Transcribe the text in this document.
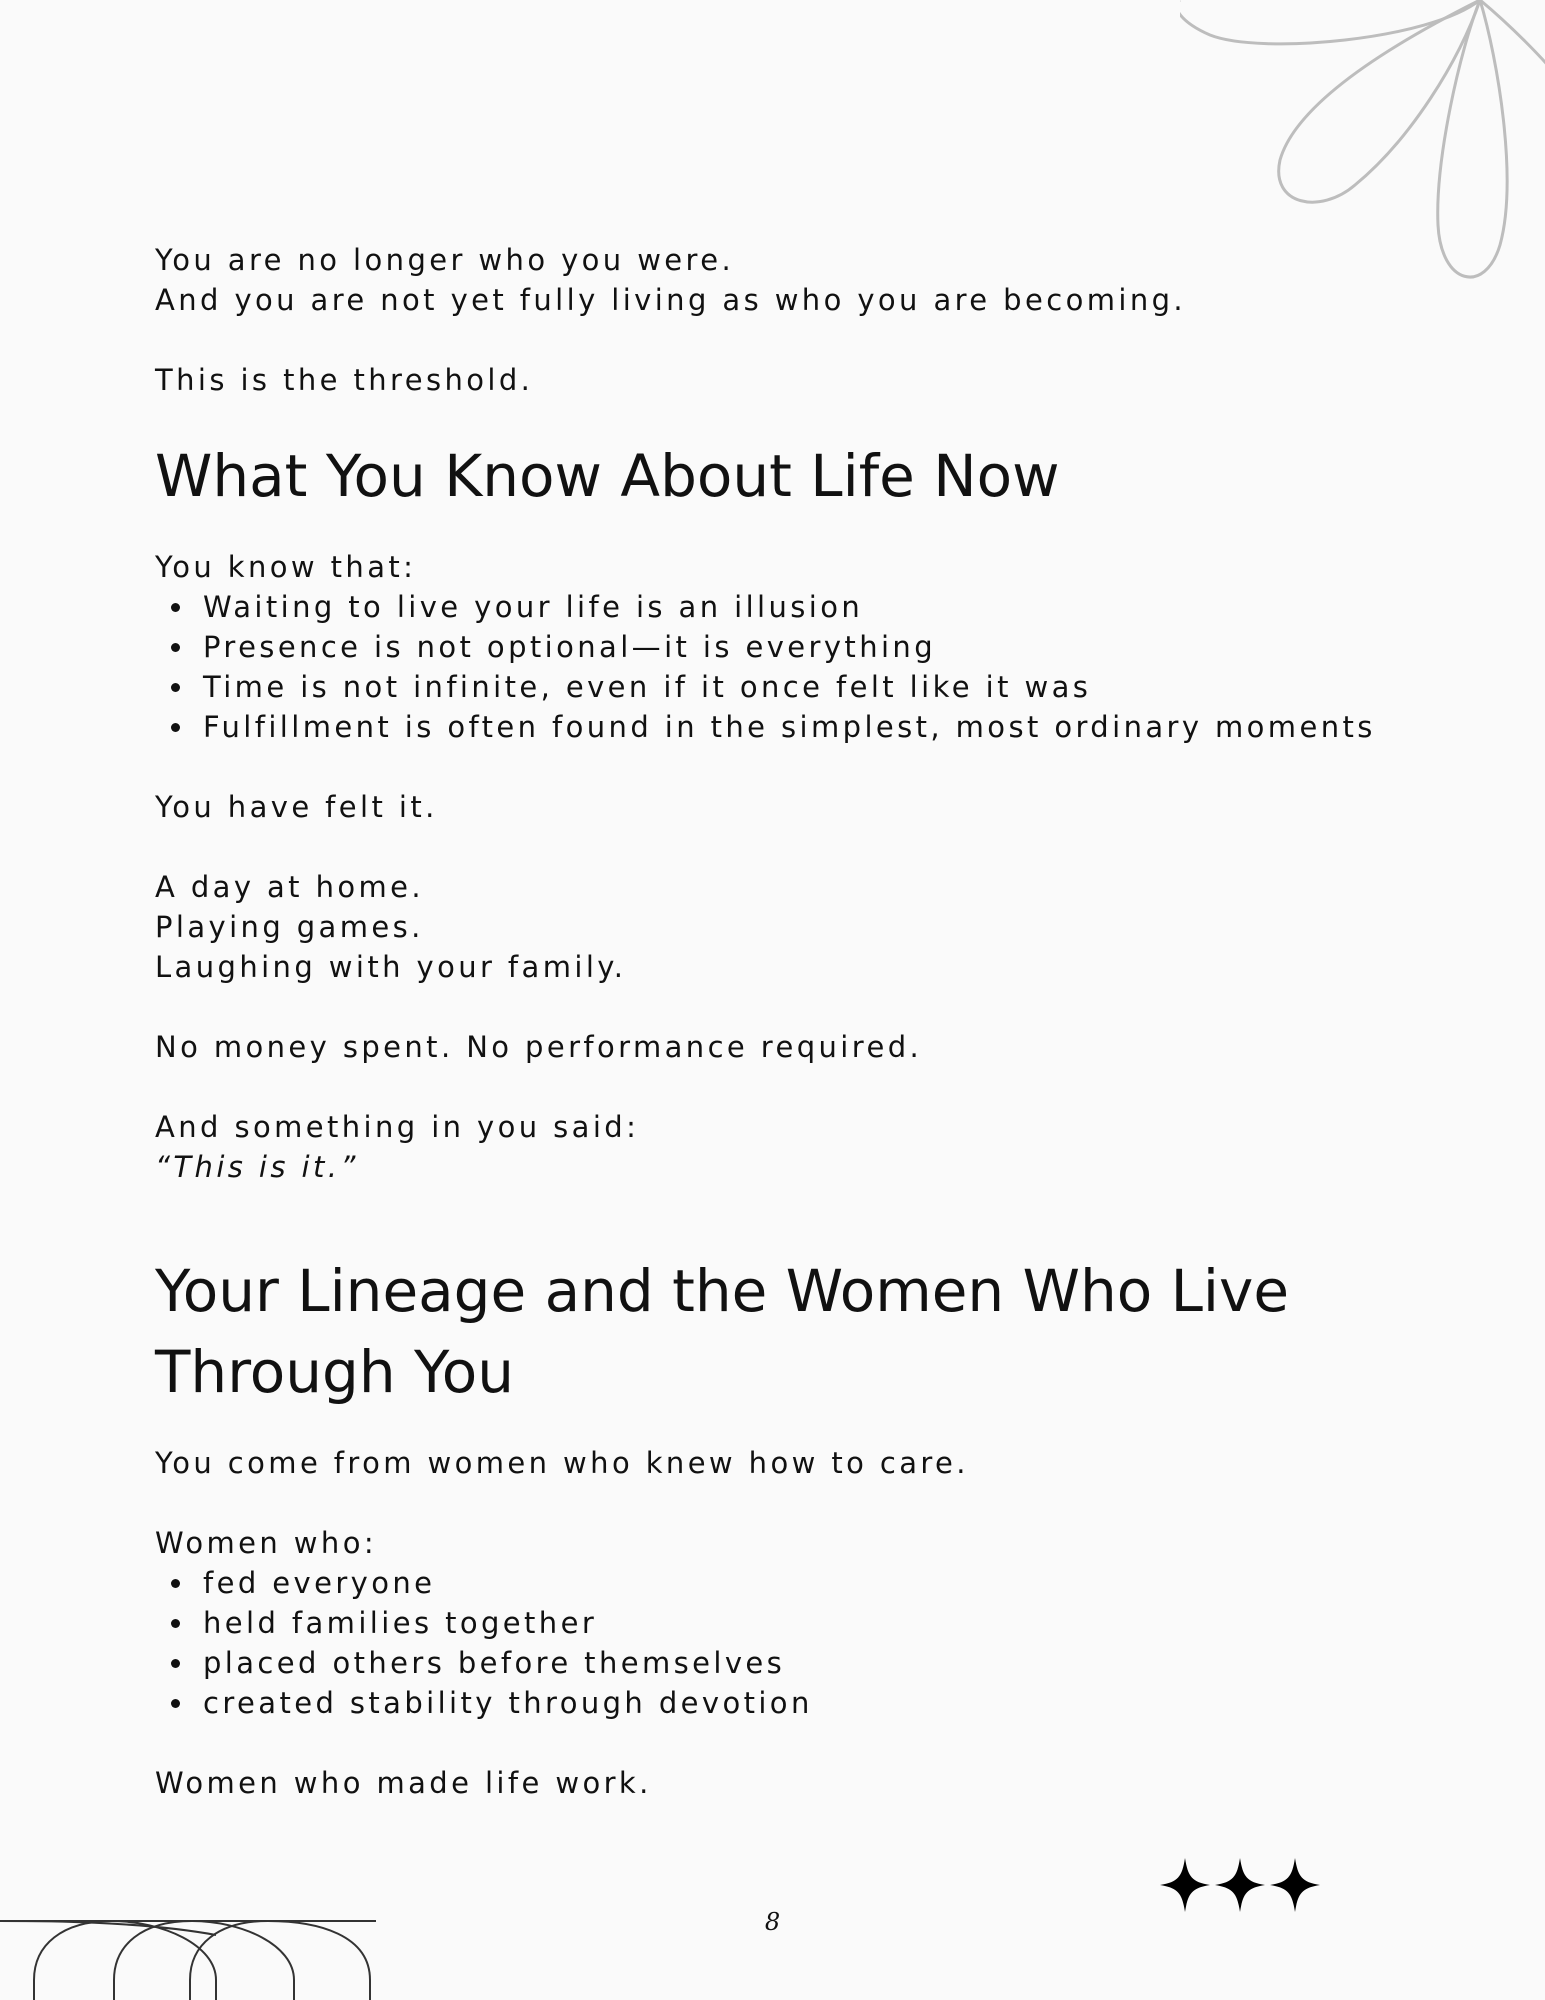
You are no longer who you were.

And you are not yet fully living as who you are becoming.

This is the threshold.

What You Know About Life Now

You know that:

Waiting to live your life is an illusion
Presence is not optional—it is everything
Time is not infinite, even if it once felt like it was
Fulfillment is often found in the simplest, most ordinary moments

You have felt it.

A day at home.

Playing games.

Laughing with your family.

No money spent. No performance required.

And something in you said:

“This is it.”

Your Lineage and the Women Who Live
Through You

You come from women who knew how to care.

Women who:

fed everyone
held families together
placed others before themselves
created stability through devotion

Women who made life work.

8
